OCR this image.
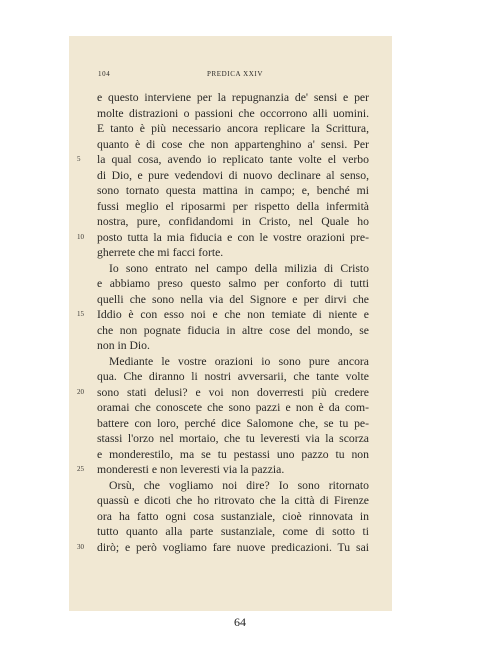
104	PREDICA XXIV
e questo interviene per la repugnanzia de' sensi e per
molte distrazioni o passioni che occorrono alli uomini.
E tanto è più necessario ancora replicare la Scrittura,
quanto è di cose che non appartenghino a' sensi. Per
5	la qual cosa, avendo io replicato tante volte el verbo
di Dio, e pure vedendovi di nuovo declinare al senso,
sono tornato questa mattina in campo; e, benché mi
fussi meglio el riposarmi per rispetto della infermità
nostra, pure, confidandomi in Cristo, nel Quale ho
10	posto tutta la mia fiducia e con le vostre orazioni pre-
gherrete che mi facci forte.
Io sono entrato nel campo della milizia di Cristo
e abbiamo preso questo salmo per conforto di tutti
quelli che sono nella via del Signore e per dirvi che
15	Iddio è con esso noi e che non temiate di niente e
che non pognate fiducia in altre cose del mondo, se
non in Dio.
Mediante le vostre orazioni io sono pure ancora
qua. Che diranno li nostri avversarii, che tante volte
20	sono stati delusi? e voi non doverresti più credere
oramai che conoscete che sono pazzi e non è da com-
battere con loro, perché dice Salomone che, se tu pe-
stassi l'orzo nel mortaio, che tu leveresti via la scorza
e monderestilo, ma se tu pestassi uno pazzo tu non
25	monderesti e non leveresti via la pazzia.
Orsù, che vogliamo noi dire? Io sono ritornato
quassù e dicoti che ho ritrovato che la città di Firenze
ora ha fatto ogni cosa sustanziale, cioè rinnovata in
tutto quanto alla parte sustanziale, come di sotto ti
30	dirò; e però vogliamo fare nuove predicazioni. Tu sai
64
